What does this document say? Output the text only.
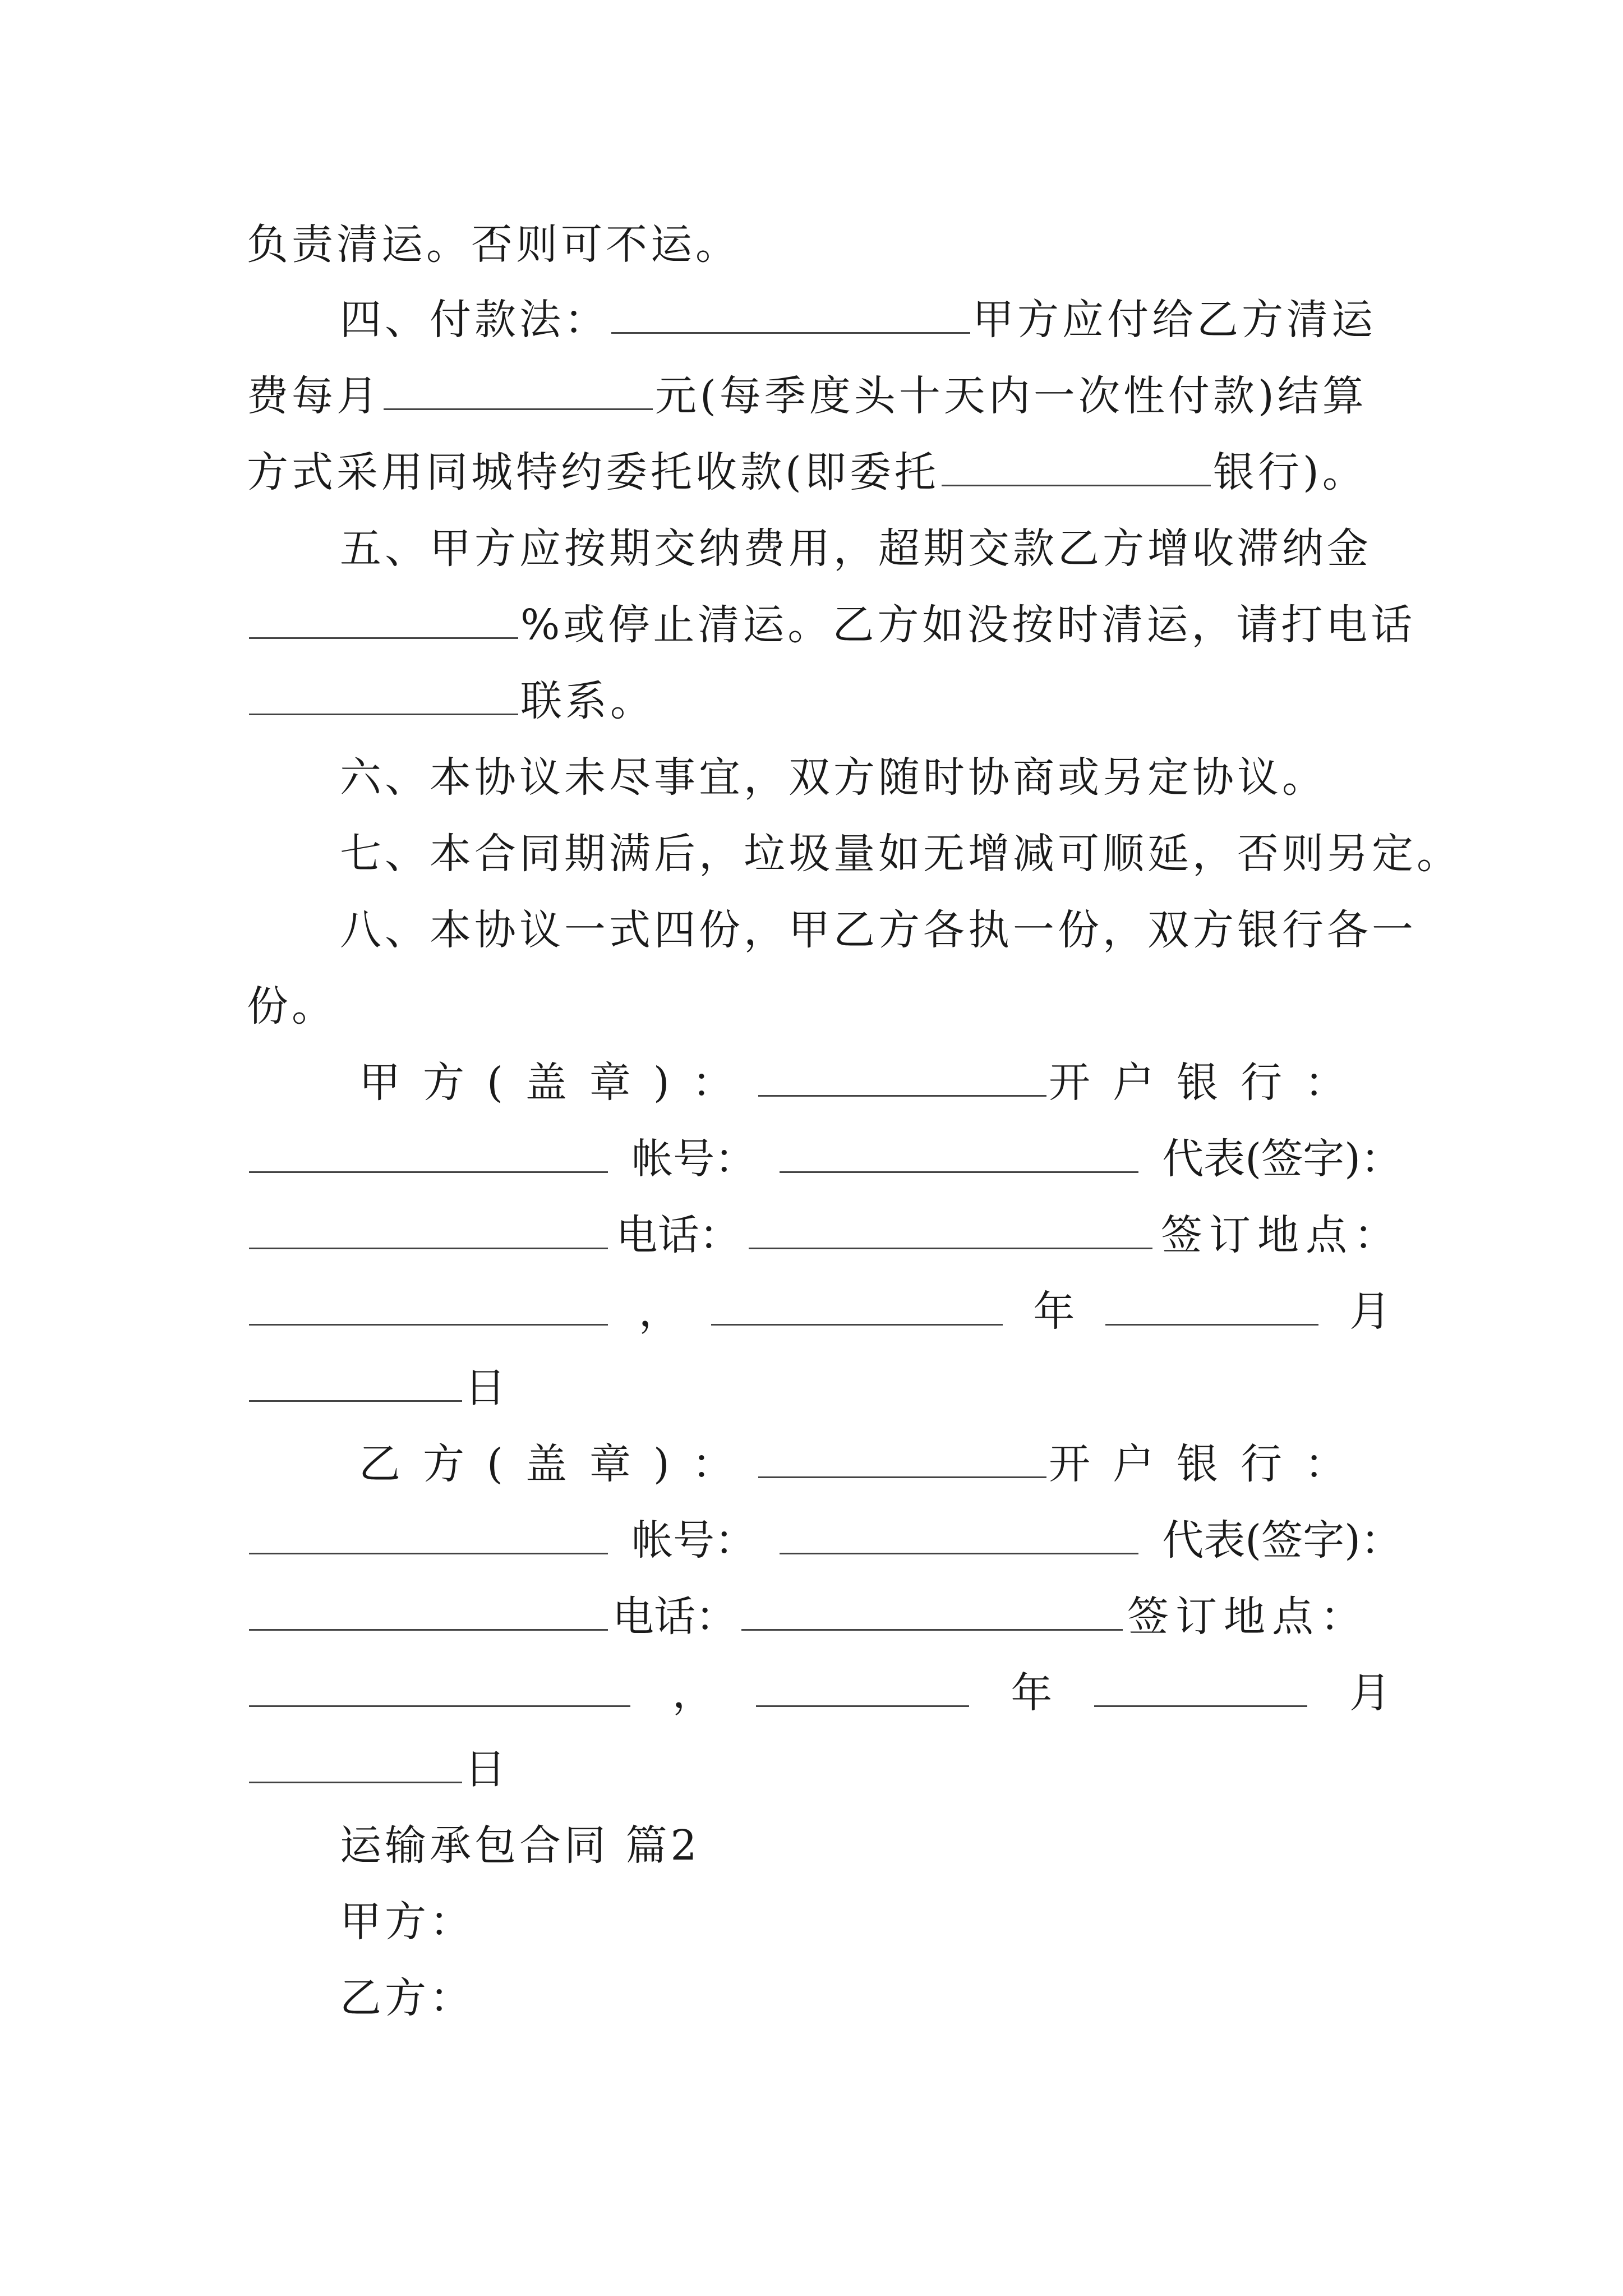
负责清运。否则可不运。
四、付款法：	甲方应付给乙方清运
费每月	元(每季度头十天内一次性付款)结算
方式采用同城特约委托收款(即委托	银行)。
五、甲方应按期交纳费用，超期交款乙方增收滞纳金
%或停止清运。乙方如没按时清运，请打电话
联系。
六、本协议未尽事宜，双方随时协商或另定协议。
七、本合同期满后，垃圾量如无增减可顺延，否则另定。
八、本协议一式四份，甲乙方各执一份，双方银行各一
份。
甲方(盖章)：	开户银行：
帐号：	代表(签字)：
电话：	签订地点：
，	年	月
日
乙方(盖章)：	开户银行：
帐号：	代表(签字)：
电话：	签订地点：
，	年	月
日
运输承包合同 篇2
甲方：
乙方：
